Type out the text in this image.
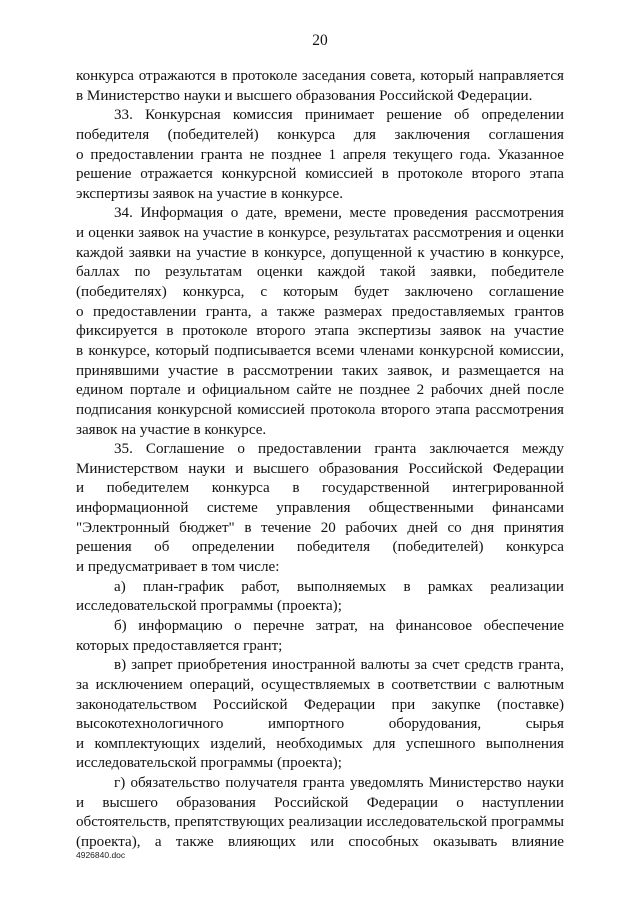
20
конкурса отражаются в протоколе заседания совета, который направляется
в Министерство науки и высшего образования Российской Федерации.
33. Конкурсная комиссия принимает решение об определении
победителя (победителей) конкурса для заключения соглашения
о предоставлении гранта не позднее 1 апреля текущего года. Указанное
решение отражается конкурсной комиссией в протоколе второго этапа
экспертизы заявок на участие в конкурсе.
34. Информация о дате, времени, месте проведения рассмотрения
и оценки заявок на участие в конкурсе, результатах рассмотрения и оценки
каждой заявки на участие в конкурсе, допущенной к участию в конкурсе,
баллах по результатам оценки каждой такой заявки, победителе
(победителях) конкурса, с которым будет заключено соглашение
о предоставлении гранта, а также размерах предоставляемых грантов
фиксируется в протоколе второго этапа экспертизы заявок на участие
в конкурсе, который подписывается всеми членами конкурсной комиссии,
принявшими участие в рассмотрении таких заявок, и размещается на
едином портале и официальном сайте не позднее 2 рабочих дней после
подписания конкурсной комиссией протокола второго этапа рассмотрения
заявок на участие в конкурсе.
35. Соглашение о предоставлении гранта заключается между
Министерством науки и высшего образования Российской Федерации
и победителем конкурса в государственной интегрированной
информационной системе управления общественными финансами
"Электронный бюджет" в течение 20 рабочих дней со дня принятия
решения об определении победителя (победителей) конкурса
и предусматривает в том числе:
а) план-график работ, выполняемых в рамках реализации
исследовательской программы (проекта);
б) информацию о перечне затрат, на финансовое обеспечение
которых предоставляется грант;
в) запрет приобретения иностранной валюты за счет средств гранта,
за исключением операций, осуществляемых в соответствии с валютным
законодательством Российской Федерации при закупке (поставке)
высокотехнологичного импортного оборудования, сырья
и комплектующих изделий, необходимых для успешного выполнения
исследовательской программы (проекта);
г) обязательство получателя гранта уведомлять Министерство науки
и высшего образования Российской Федерации о наступлении
обстоятельств, препятствующих реализации исследовательской программы
(проекта), а также влияющих или способных оказывать влияние
4926840.doc
